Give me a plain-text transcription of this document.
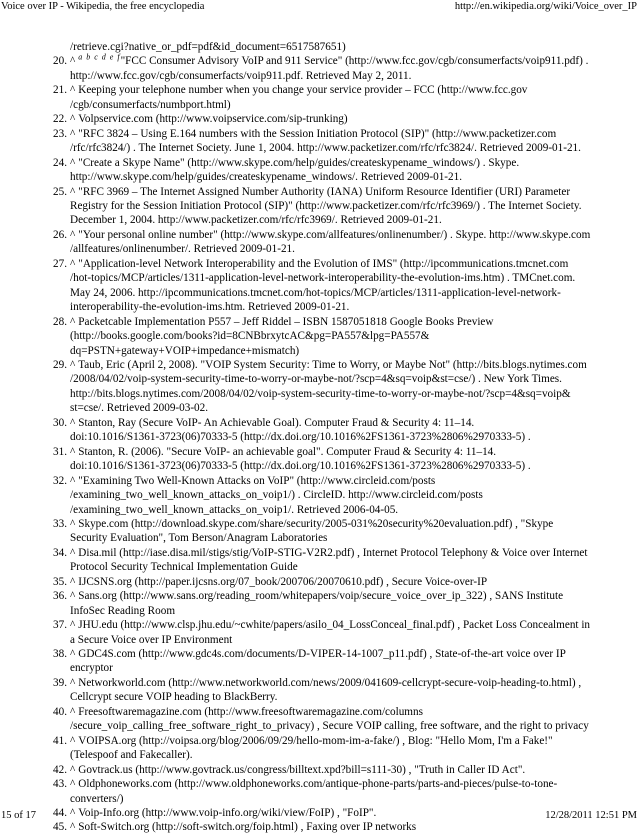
Voice over IP - Wikipedia, the free encyclopedia	http://en.wikipedia.org/wiki/Voice_over_IP
/retrieve.cgi?native_or_pdf=pdf&id_document=6517587651)
20. ^ $^{a b c d e f}$"FCC Consumer Advisory VoIP and 911 Service" (http://www.fcc.gov/cgb/consumerfacts/voip911.pdf) .
http://www.fcc.gov/cgb/consumerfacts/voip911.pdf. Retrieved May 2, 2011.
21. ^ Keeping your telephone number when you change your service provider – FCC (http://www.fcc.gov
/cgb/consumerfacts/numbport.html)
22. ^ Volpservice.com (http://www.voipservice.com/sip-trunking)
23. ^ "RFC 3824 – Using E.164 numbers with the Session Initiation Protocol (SIP)" (http://www.packetizer.com
/rfc/rfc3824/) . The Internet Society. June 1, 2004. http://www.packetizer.com/rfc/rfc3824/. Retrieved 2009-01-21.
24. ^ "Create a Skype Name" (http://www.skype.com/help/guides/createskypename_windows/) . Skype.
http://www.skype.com/help/guides/createskypename_windows/. Retrieved 2009-01-21.
25. ^ "RFC 3969 – The Internet Assigned Number Authority (IANA) Uniform Resource Identifier (URI) Parameter
Registry for the Session Initiation Protocol (SIP)" (http://www.packetizer.com/rfc/rfc3969/) . The Internet Society.
December 1, 2004. http://www.packetizer.com/rfc/rfc3969/. Retrieved 2009-01-21.
26. ^ "Your personal online number" (http://www.skype.com/allfeatures/onlinenumber/) . Skype. http://www.skype.com
/allfeatures/onlinenumber/. Retrieved 2009-01-21.
27. ^ "Application-level Network Interoperability and the Evolution of IMS" (http://ipcommunications.tmcnet.com
/hot-topics/MCP/articles/1311-application-level-network-interoperability-the-evolution-ims.htm) . TMCnet.com.
May 24, 2006. http://ipcommunications.tmcnet.com/hot-topics/MCP/articles/1311-application-level-network-
interoperability-the-evolution-ims.htm. Retrieved 2009-01-21.
28. ^ Packetcable Implementation P557 – Jeff Riddel – ISBN 1587051818 Google Books Preview
(http://books.google.com/books?id=8CNBbrxytcAC&pg=PA557&lpg=PA557&
dq=PSTN+gateway+VOIP+impedance+mismatch)
29. ^ Taub, Eric (April 2, 2008). "VOIP System Security: Time to Worry, or Maybe Not" (http://bits.blogs.nytimes.com
/2008/04/02/voip-system-security-time-to-worry-or-maybe-not/?scp=4&sq=voip&st=cse/) . New York Times.
http://bits.blogs.nytimes.com/2008/04/02/voip-system-security-time-to-worry-or-maybe-not/?scp=4&sq=voip&
st=cse/. Retrieved 2009-03-02.
30. ^ Stanton, Ray (Secure VoIP- An Achievable Goal). Computer Fraud & Security 4: 11–14.
doi:10.1016/S1361-3723(06)70333-5 (http://dx.doi.org/10.1016%2FS1361-3723%2806%2970333-5) .
31. ^ Stanton, R. (2006). "Secure VoIP- an achievable goal". Computer Fraud & Security 4: 11–14.
doi:10.1016/S1361-3723(06)70333-5 (http://dx.doi.org/10.1016%2FS1361-3723%2806%2970333-5) .
32. ^ "Examining Two Well-Known Attacks on VoIP" (http://www.circleid.com/posts
/examining_two_well_known_attacks_on_voip1/) . CircleID. http://www.circleid.com/posts
/examining_two_well_known_attacks_on_voip1/. Retrieved 2006-04-05.
33. ^ Skype.com (http://download.skype.com/share/security/2005-031%20security%20evaluation.pdf) , "Skype
Security Evaluation", Tom Berson/Anagram Laboratories
34. ^ Disa.mil (http://iase.disa.mil/stigs/stig/VoIP-STIG-V2R2.pdf) , Internet Protocol Telephony & Voice over Internet
Protocol Security Technical Implementation Guide
35. ^ IJCSNS.org (http://paper.ijcsns.org/07_book/200706/20070610.pdf) , Secure Voice-over-IP
36. ^ Sans.org (http://www.sans.org/reading_room/whitepapers/voip/secure_voice_over_ip_322) , SANS Institute
InfoSec Reading Room
37. ^ JHU.edu (http://www.clsp.jhu.edu/~cwhite/papers/asilo_04_LossConceal_final.pdf) , Packet Loss Concealment in
a Secure Voice over IP Environment
38. ^ GDC4S.com (http://www.gdc4s.com/documents/D-VIPER-14-1007_p11.pdf) , State-of-the-art voice over IP
encryptor
39. ^ Networkworld.com (http://www.networkworld.com/news/2009/041609-cellcrypt-secure-voip-heading-to.html) ,
Cellcrypt secure VOIP heading to BlackBerry.
40. ^ Freesoftwaremagazine.com (http://www.freesoftwaremagazine.com/columns
/secure_voip_calling_free_software_right_to_privacy) , Secure VOIP calling, free software, and the right to privacy
41. ^ VOIPSA.org (http://voipsa.org/blog/2006/09/29/hello-mom-im-a-fake/) , Blog: "Hello Mom, I'm a Fake!"
(Telespoof and Fakecaller).
42. ^ Govtrack.us (http://www.govtrack.us/congress/billtext.xpd?bill=s111-30) , "Truth in Caller ID Act".
43. ^ Oldphoneworks.com (http://www.oldphoneworks.com/antique-phone-parts/parts-and-pieces/pulse-to-tone-
converters/)
44. ^ Voip-Info.org (http://www.voip-info.org/wiki/view/FoIP) , "FoIP".
45. ^ Soft-Switch.org (http://soft-switch.org/foip.html) , Faxing over IP networks
15 of 17	12/28/2011 12:51 PM
